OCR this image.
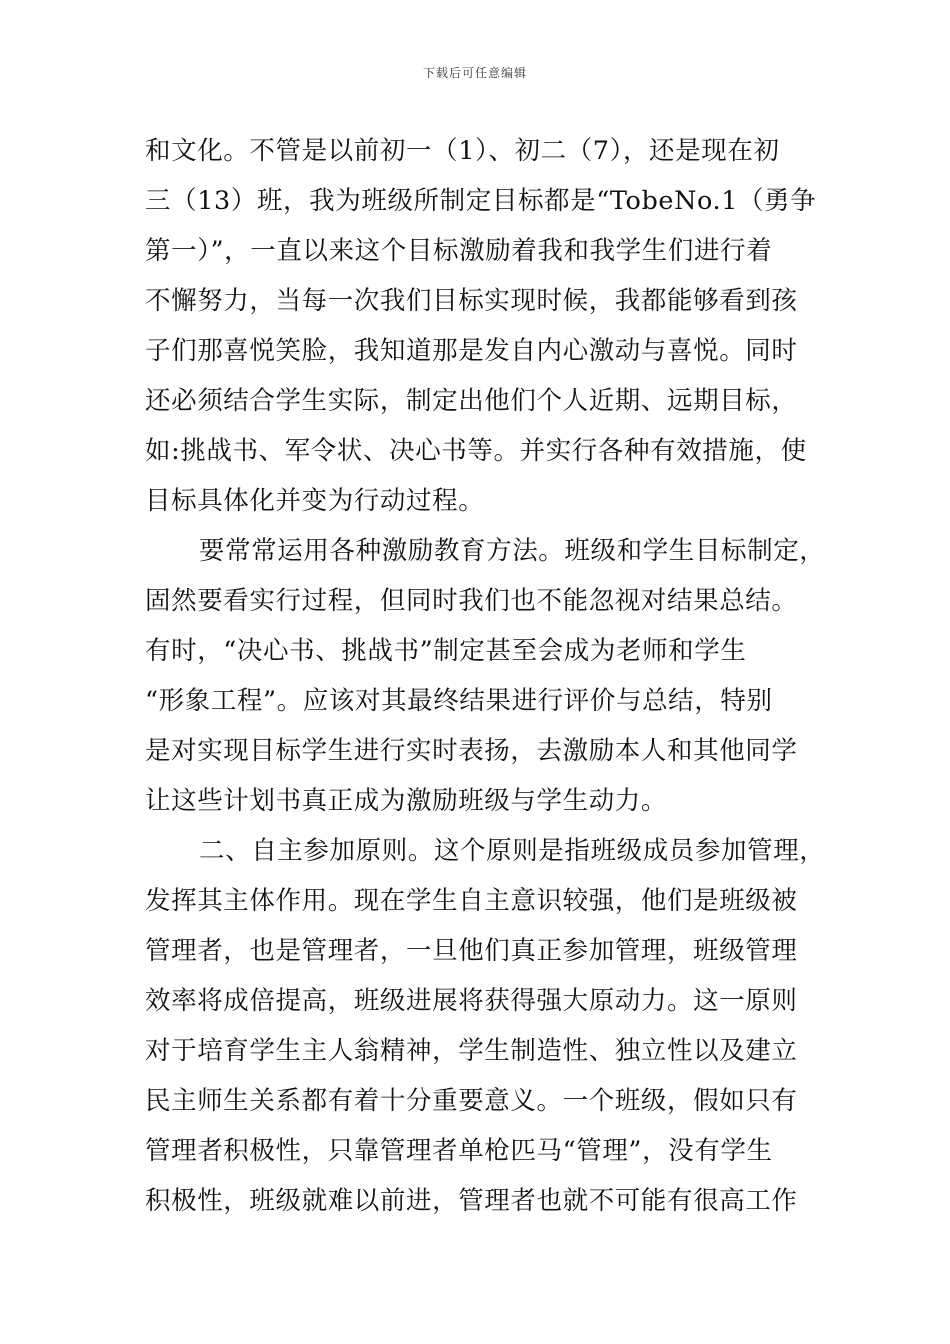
下载后可任意编辑
和文化。不管是以前初一（1）、初二（7），还是现在初
三（13）班，我为班级所制定目标都是“TobeNo.1（勇争
第一）”，一直以来这个目标激励着我和我学生们进行着
不懈努力，当每一次我们目标实现时候，我都能够看到孩
子们那喜悦笑脸，我知道那是发自内心激动与喜悦。同时
还必须结合学生实际，制定出他们个人近期、远期目标，
如:挑战书、军令状、决心书等。并实行各种有效措施，使
目标具体化并变为行动过程。
要常常运用各种激励教育方法。班级和学生目标制定，
固然要看实行过程，但同时我们也不能忽视对结果总结。
有时，“决心书、挑战书”制定甚至会成为老师和学生
“形象工程”。应该对其最终结果进行评价与总结，特别
是对实现目标学生进行实时表扬，去激励本人和其他同学
让这些计划书真正成为激励班级与学生动力。
二、自主参加原则。这个原则是指班级成员参加管理，
发挥其主体作用。现在学生自主意识较强，他们是班级被
管理者，也是管理者，一旦他们真正参加管理，班级管理
效率将成倍提高，班级进展将获得强大原动力。这一原则
对于培育学生主人翁精神，学生制造性、独立性以及建立
民主师生关系都有着十分重要意义。一个班级，假如只有
管理者积极性，只靠管理者单枪匹马“管理”，没有学生
积极性，班级就难以前进，管理者也就不可能有很高工作
